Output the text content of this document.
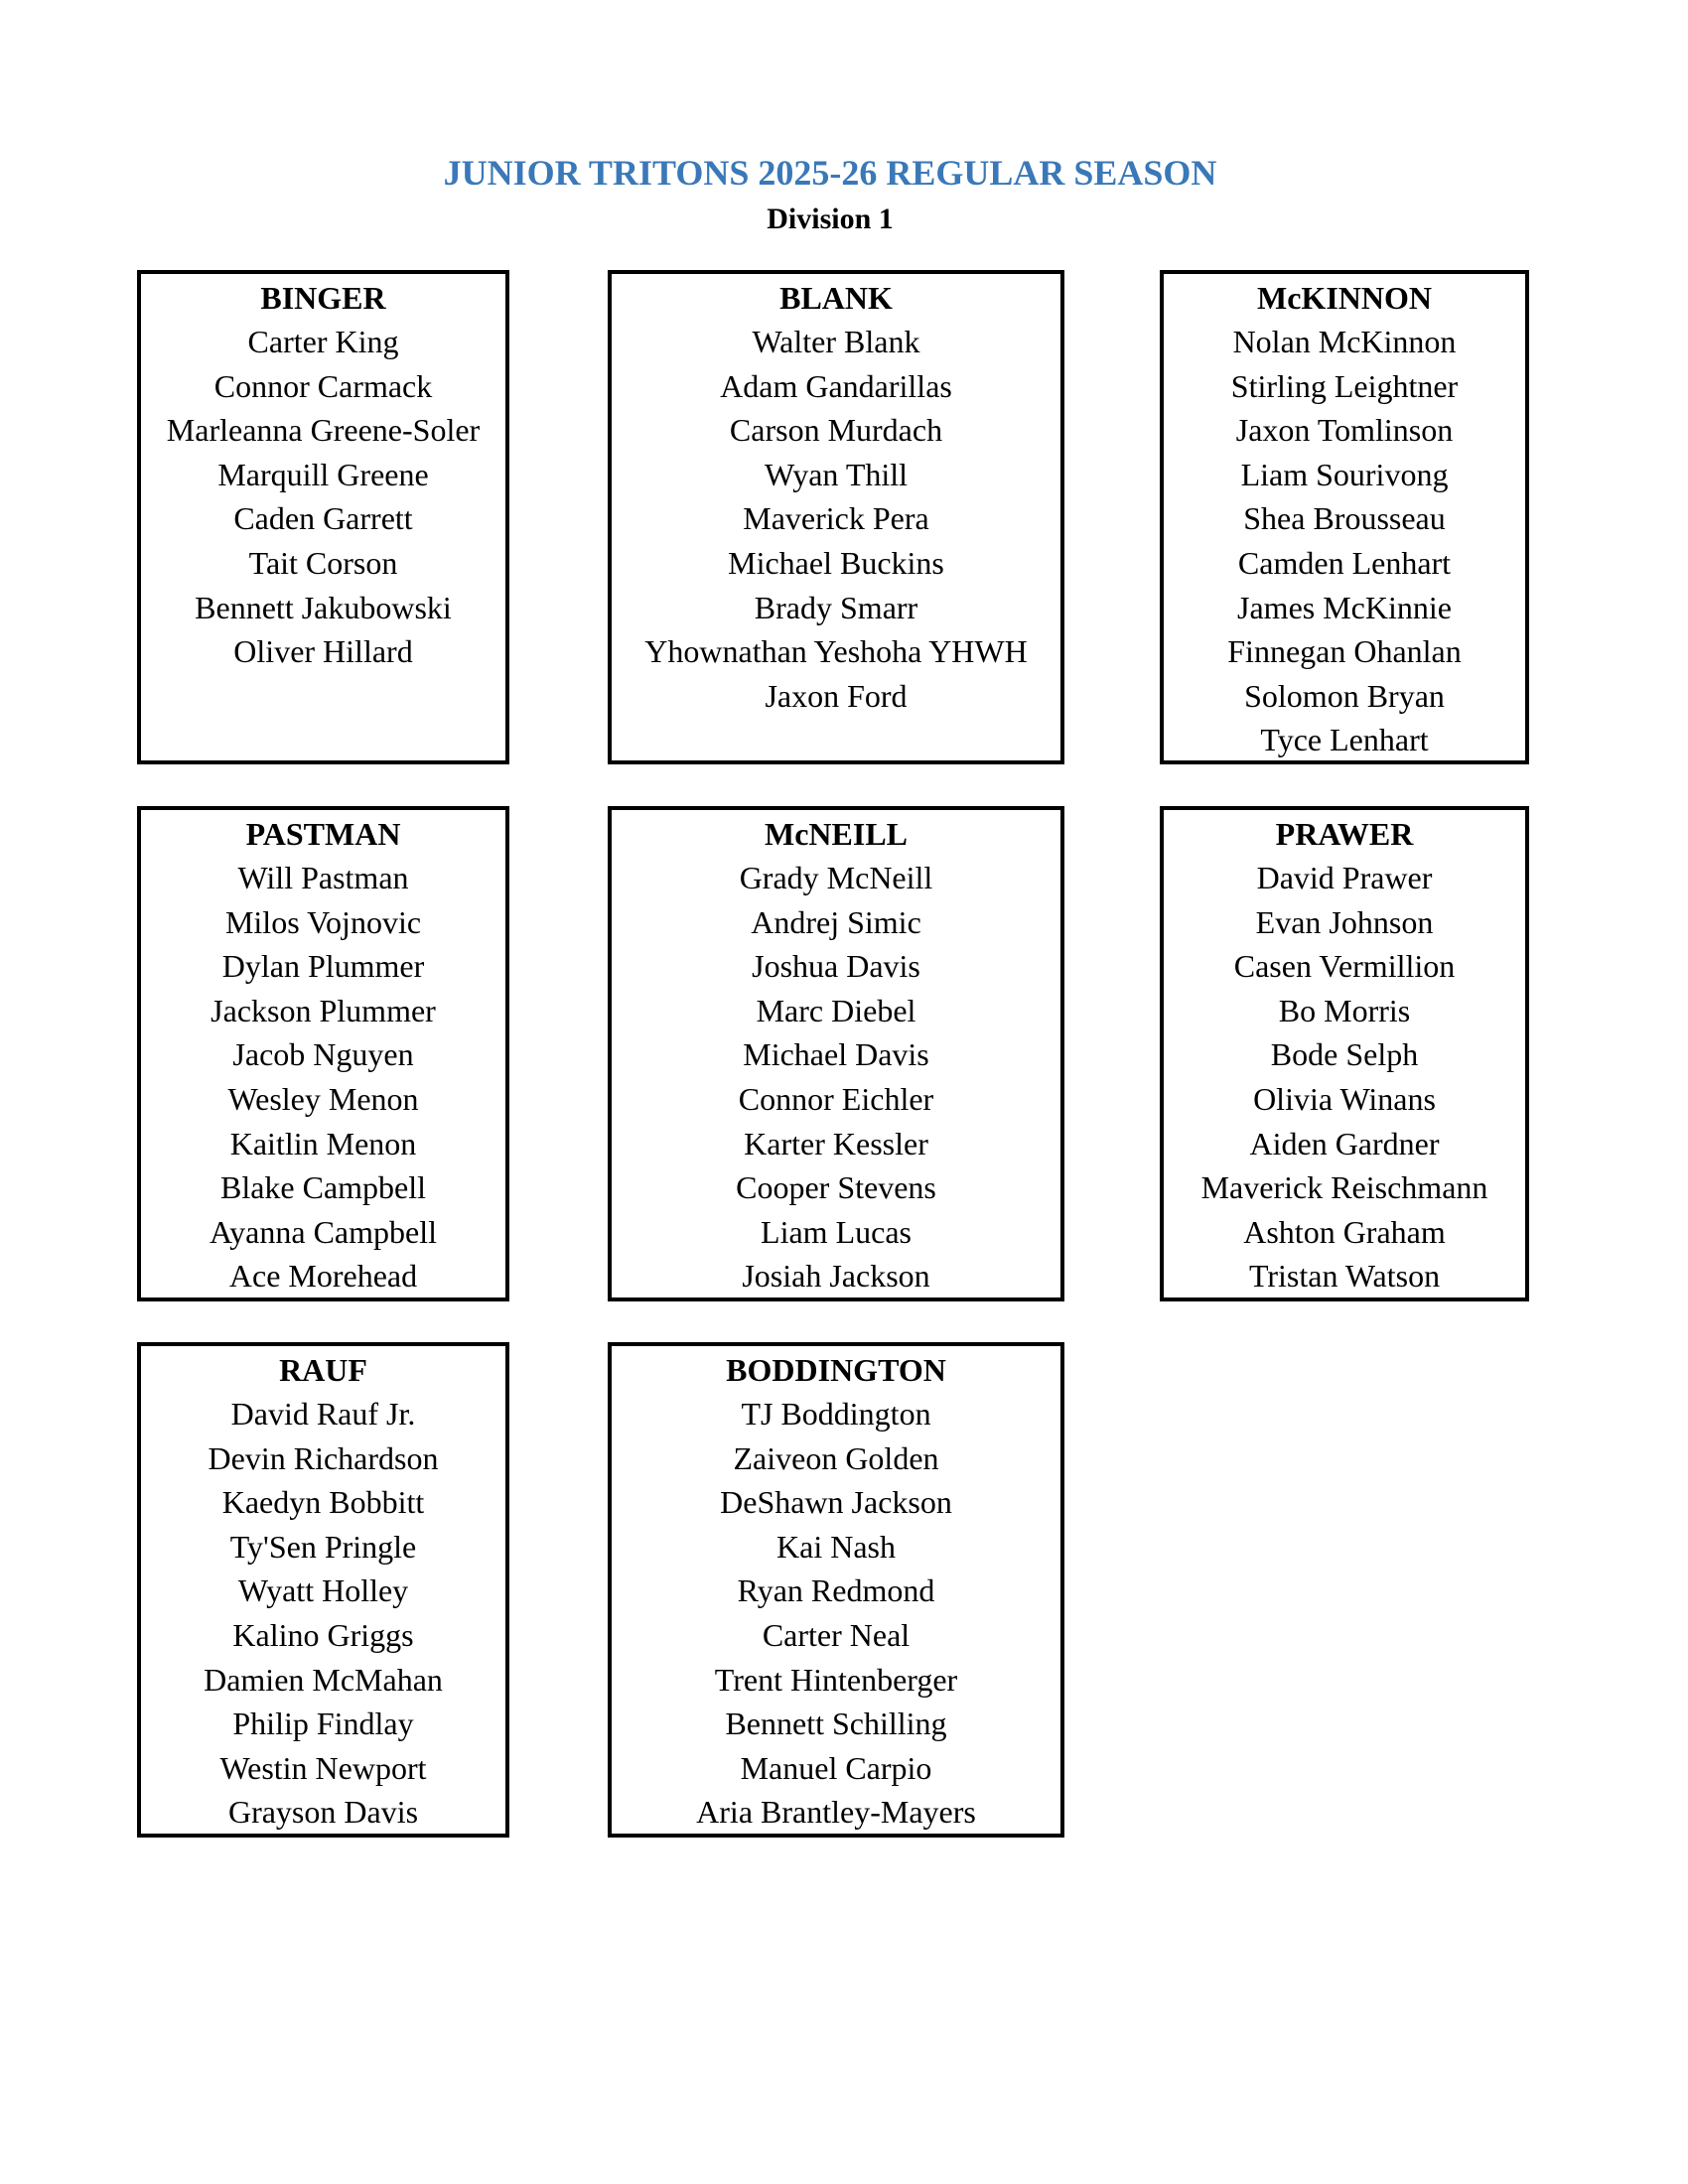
JUNIOR TRITONS 2025-26 REGULAR SEASON
Division 1
BINGER
Carter King
Connor Carmack
Marleanna Greene-Soler
Marquill Greene
Caden Garrett
Tait Corson
Bennett Jakubowski
Oliver Hillard
BLANK
Walter Blank
Adam Gandarillas
Carson Murdach
Wyan Thill
Maverick Pera
Michael Buckins
Brady Smarr
Yhownathan Yeshoha YHWH
Jaxon Ford
McKINNON
Nolan McKinnon
Stirling Leightner
Jaxon Tomlinson
Liam Sourivong
Shea Brousseau
Camden Lenhart
James McKinnie
Finnegan Ohanlan
Solomon Bryan
Tyce Lenhart
PASTMAN
Will Pastman
Milos Vojnovic
Dylan Plummer
Jackson Plummer
Jacob Nguyen
Wesley Menon
Kaitlin Menon
Blake Campbell
Ayanna Campbell
Ace Morehead
McNEILL
Grady McNeill
Andrej Simic
Joshua Davis
Marc Diebel
Michael Davis
Connor Eichler
Karter Kessler
Cooper Stevens
Liam Lucas
Josiah Jackson
PRAWER
David Prawer
Evan Johnson
Casen Vermillion
Bo Morris
Bode Selph
Olivia Winans
Aiden Gardner
Maverick Reischmann
Ashton Graham
Tristan Watson
RAUF
David Rauf Jr.
Devin Richardson
Kaedyn Bobbitt
Ty'Sen Pringle
Wyatt Holley
Kalino Griggs
Damien McMahan
Philip Findlay
Westin Newport
Grayson Davis
BODDINGTON
TJ Boddington
Zaiveon Golden
DeShawn Jackson
Kai Nash
Ryan Redmond
Carter Neal
Trent Hintenberger
Bennett Schilling
Manuel Carpio
Aria Brantley-Mayers
